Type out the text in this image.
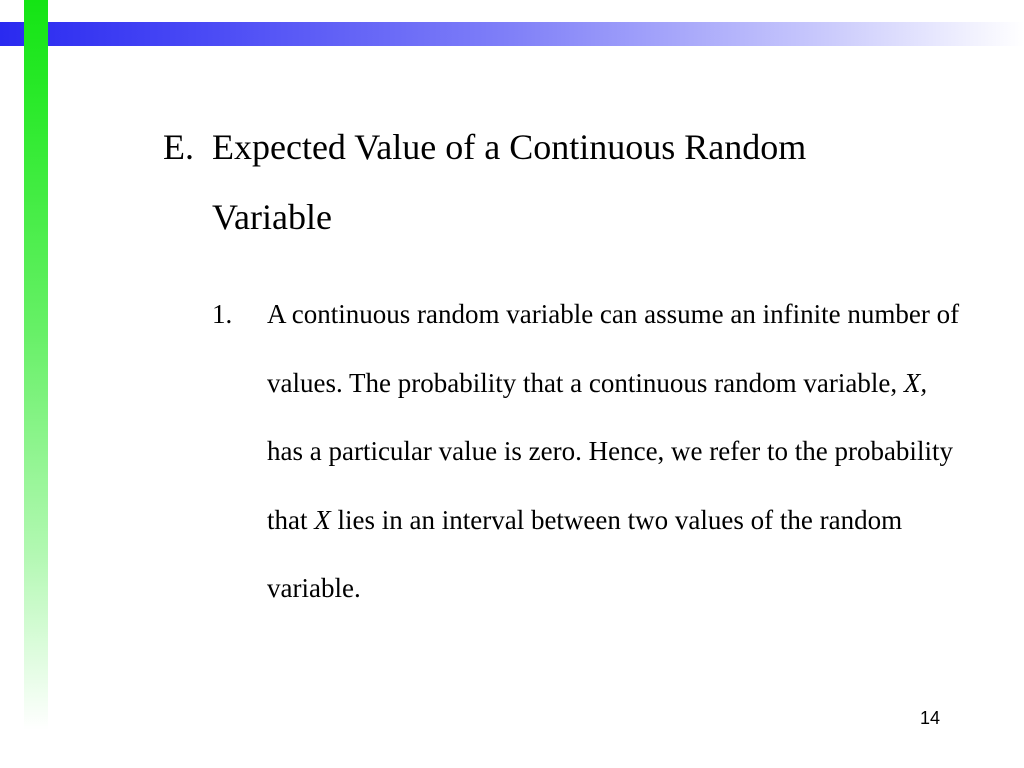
E. Expected Value of a Continuous Random Variable
1. A continuous random variable can assume an infinite number of values. The probability that a continuous random variable, X, has a particular value is zero. Hence, we refer to the probability that X lies in an interval between two values of the random variable.
14
